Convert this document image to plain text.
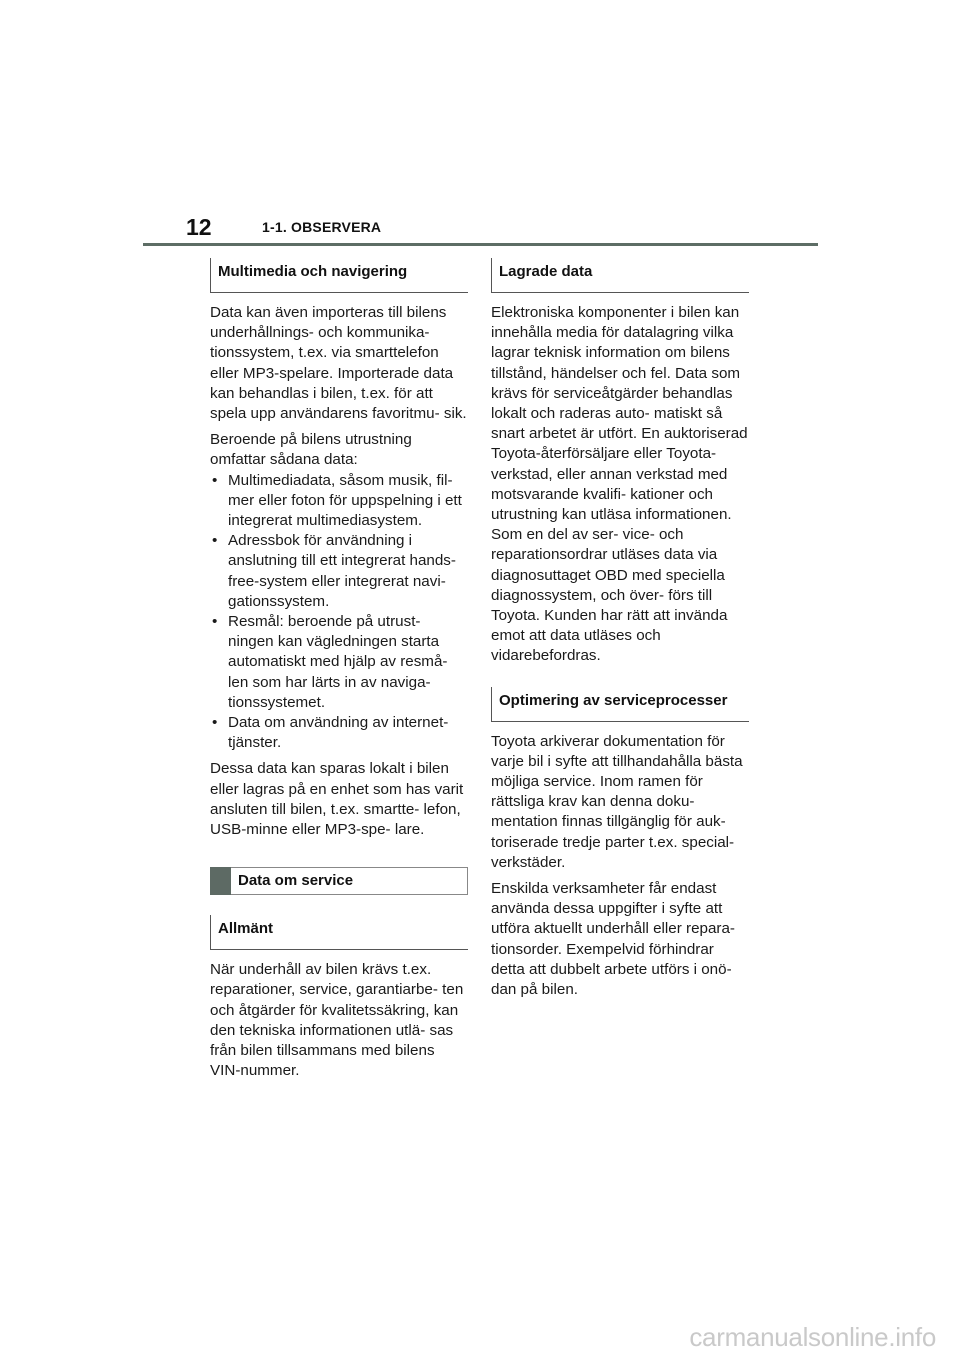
12	1-1. OBSERVERA
Multimedia och navigering

Data kan även importeras till bilens underhållnings- och kommunika- tionssystem, t.ex. via smarttelefon eller MP3-spelare. Importerade data kan behandlas i bilen, t.ex. för att spela upp användarens favoritmu- sik.

Beroende på bilens utrustning omfattar sådana data:

• Multimediadata, såsom musik, fil- mer eller foton för uppspelning i ett integrerat multimediasystem.
• Adressbok för användning i anslutning till ett integrerat hands- free-system eller integrerat navi- gationssystem.
• Resmål: beroende på utrust- ningen kan vägledningen starta automatiskt med hjälp av resmå- len som har lärts in av naviga- tionssystemet.
• Data om användning av internet- tjänster.

Dessa data kan sparas lokalt i bilen eller lagras på en enhet som has varit ansluten till bilen, t.ex. smartte- lefon, USB-minne eller MP3-spe- lare.

Data om service
Allmänt

När underhåll av bilen krävs t.ex. reparationer, service, garantiarbe- ten och åtgärder för kvalitetssäkring, kan den tekniska informationen utlä- sas från bilen tillsammans med bilens VIN-nummer.

Lagrade data

Elektroniska komponenter i bilen kan innehålla media för datalagring vilka lagrar teknisk information om bilens tillstånd, händelser och fel. Data som krävs för serviceåtgärder behandlas lokalt och raderas auto- matiskt så snart arbetet är utfört. En auktoriserad Toyota-återförsäljare eller Toyota-verkstad, eller annan verkstad med motsvarande kvalifi- kationer och utrustning kan utläsa informationen. Som en del av ser- vice- och reparationsordrar utläses data via diagnosuttaget OBD med speciella diagnossystem, och över- förs till Toyota. Kunden har rätt att invända emot att data utläses och vidarebefordras.

Optimering av serviceprocesser

Toyota arkiverar dokumentation för varje bil i syfte att tillhandahålla bästa möjliga service. Inom ramen för rättsliga krav kan denna doku- mentation finnas tillgänglig för auk- toriserade tredje parter t.ex. special- verkstäder.

Enskilda verksamheter får endast använda dessa uppgifter i syfte att utföra aktuellt underhåll eller repara- tionsorder. Exempelvid förhindrar detta att dubbelt arbete utförs i onö- dan på bilen.

carmanualsonline.info
